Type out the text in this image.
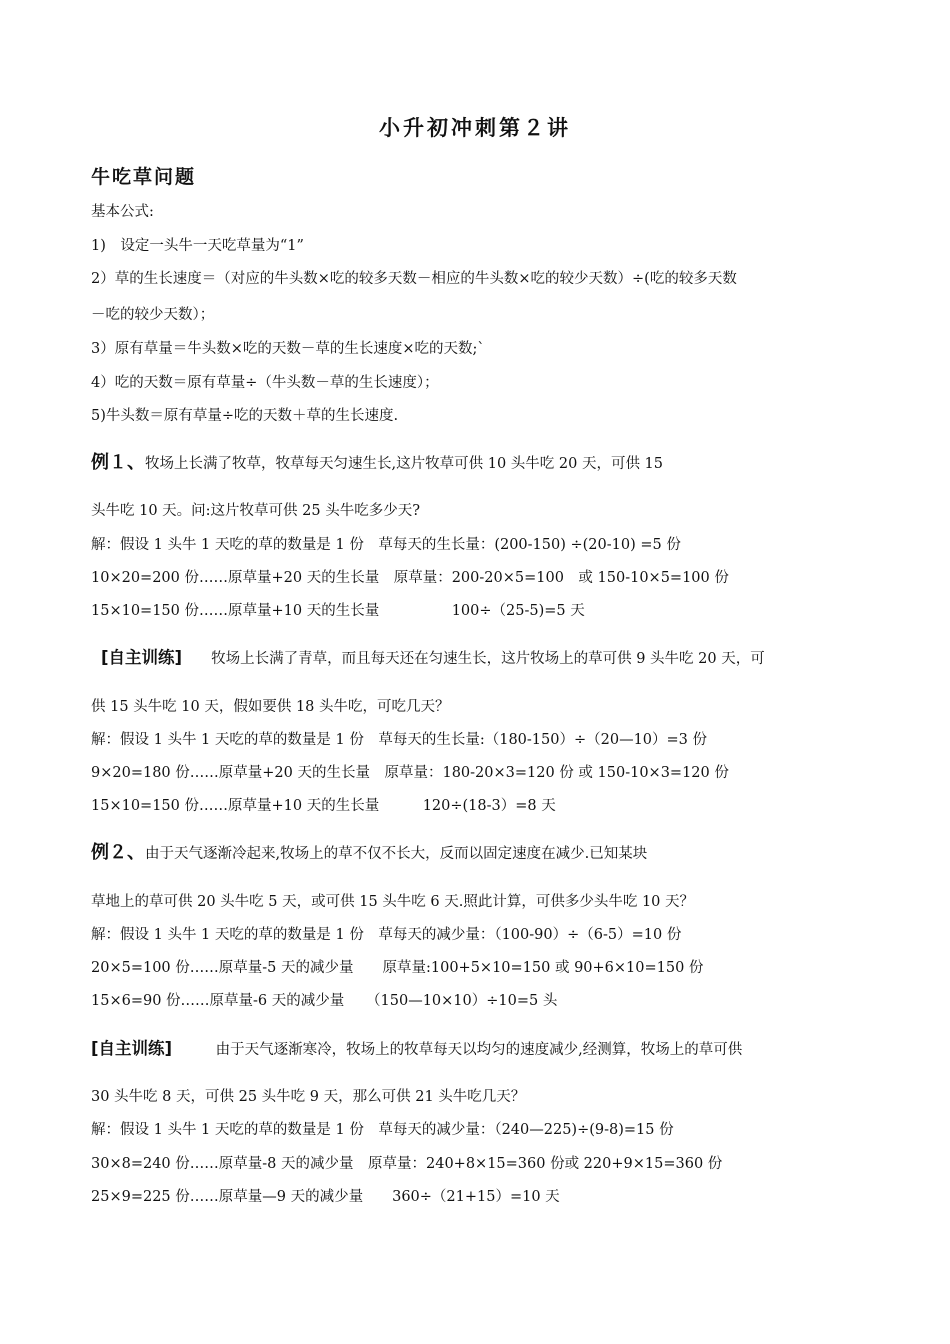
小升初冲刺第２讲
牛吃草问题
基本公式:
1)　设定一头牛一天吃草量为“1”
2）草的生长速度＝（对应的牛头数×吃的较多天数－相应的牛头数×吃的较少天数）÷(吃的较多天数
－吃的较少天数）；
3）原有草量＝牛头数×吃的天数－草的生长速度×吃的天数;`
4）吃的天数＝原有草量÷（牛头数－草的生长速度）；
5)牛头数＝原有草量÷吃的天数＋草的生长速度.
例１、牧场上长满了牧草，牧草每天匀速生长,这片牧草可供 10 头牛吃 20 天，可供 15
头牛吃 10 天。问:这片牧草可供 25 头牛吃多少天?
解：假设 1 头牛 1 天吃的草的数量是 1 份　草每天的生长量：(200-150) ÷(20-10) =5 份
10×20=200 份……原草量+20 天的生长量　原草量：200-20×5=100　或 150-10×5=100 份
15×10=150 份……原草量+10 天的生长量　　　　　100÷（25-5)=5 天
[自主训练]　　 牧场上长满了青草，而且每天还在匀速生长，这片牧场上的草可供 9 头牛吃 20 天，可
供 15 头牛吃 10 天，假如要供 18 头牛吃，可吃几天？
解：假设 1 头牛 1 天吃的草的数量是 1 份　草每天的生长量:（180-150）÷（20—10）=3 份
9×20=180 份……原草量+20 天的生长量　原草量：180-20×3=120 份 或 150-10×3=120 份
15×10=150 份……原草量+10 天的生长量　　　120÷(18-3）=8 天
例２、由于天气逐渐冷起来,牧场上的草不仅不长大，反而以固定速度在减少.已知某块
草地上的草可供 20 头牛吃 5 天，或可供 15 头牛吃 6 天.照此计算，可供多少头牛吃 10 天？
解：假设 1 头牛 1 天吃的草的数量是 1 份　草每天的减少量：（100-90）÷（6-5）=10 份
20×5=100 份……原草量-5 天的减少量　　原草量:100+5×10=150 或 90+6×10=150 份
15×6=90 份……原草量-6 天的减少量　　（150—10×10）÷10=5 头
[自主训练]　　　	由于天气逐渐寒冷，牧场上的牧草每天以均匀的速度减少,经测算，牧场上的草可供
30 头牛吃 8 天，可供 25 头牛吃 9 天，那么可供 21 头牛吃几天？
解：假设 1 头牛 1 天吃的草的数量是 1 份　草每天的减少量：（240—225)÷(9-8)=15 份
30×8=240 份……原草量-8 天的减少量　原草量：240+8×15=360 份或 220+9×15=360 份
25×9=225 份……原草量—9 天的减少量　　360÷（21+15）=10 天
